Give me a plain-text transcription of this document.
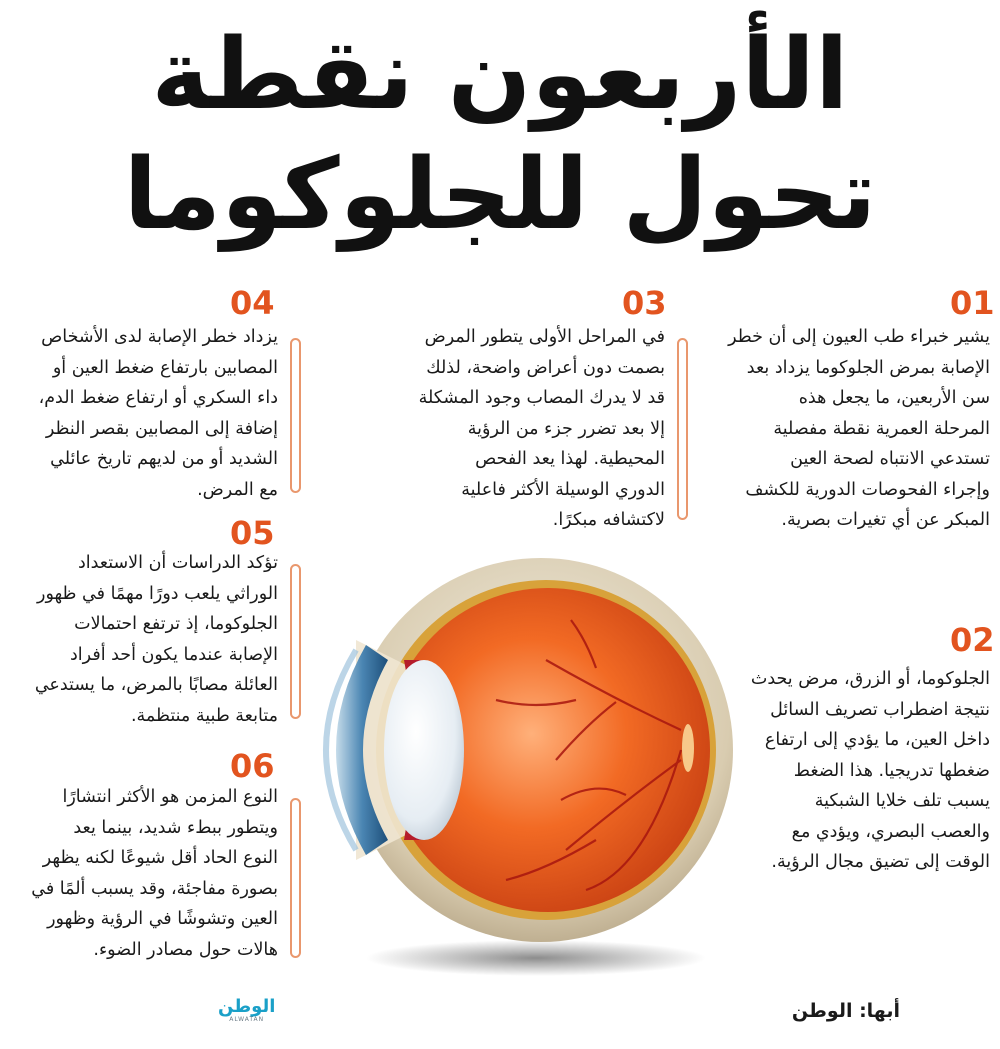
الأربعون نقطة
تحول للجلوكوما
01
يشير خبراء طب العيون إلى أن خطر
الإصابة بمرض الجلوكوما يزداد بعد
سن الأربعين، ما يجعل هذه
المرحلة العمرية نقطة مفصلية
تستدعي الانتباه لصحة العين
وإجراء الفحوصات الدورية للكشف
المبكر عن أي تغيرات بصرية.
02
الجلوكوما، أو الزرق، مرض يحدث
نتيجة اضطراب تصريف السائل
داخل العين، ما يؤدي إلى ارتفاع
ضغطها تدريجيا. هذا الضغط
يسبب تلف خلايا الشبكية
والعصب البصري، ويؤدي مع
الوقت إلى تضيق مجال الرؤية.
03
في المراحل الأولى يتطور المرض
بصمت دون أعراض واضحة، لذلك
قد لا يدرك المصاب وجود المشكلة
إلا بعد تضرر جزء من الرؤية
المحيطية. لهذا يعد الفحص
الدوري الوسيلة الأكثر فاعلية
لاكتشافه مبكرًا.
04
يزداد خطر الإصابة لدى الأشخاص
المصابين بارتفاع ضغط العين أو
داء السكري أو ارتفاع ضغط الدم،
إضافة إلى المصابين بقصر النظر
الشديد أو من لديهم تاريخ عائلي
مع المرض.
05
تؤكد الدراسات أن الاستعداد
الوراثي يلعب دورًا مهمًا في ظهور
الجلوكوما، إذ ترتفع احتمالات
الإصابة عندما يكون أحد أفراد
العائلة مصابًا بالمرض، ما يستدعي
متابعة طبية منتظمة.
06
النوع المزمن هو الأكثر انتشارًا
ويتطور ببطء شديد، بينما يعد
النوع الحاد أقل شيوعًا لكنه يظهر
بصورة مفاجئة، وقد يسبب ألمًا في
العين وتشوشًا في الرؤية وظهور
هالات حول مصادر الضوء.
أبها: الوطن
الوطن
ALWATAN
